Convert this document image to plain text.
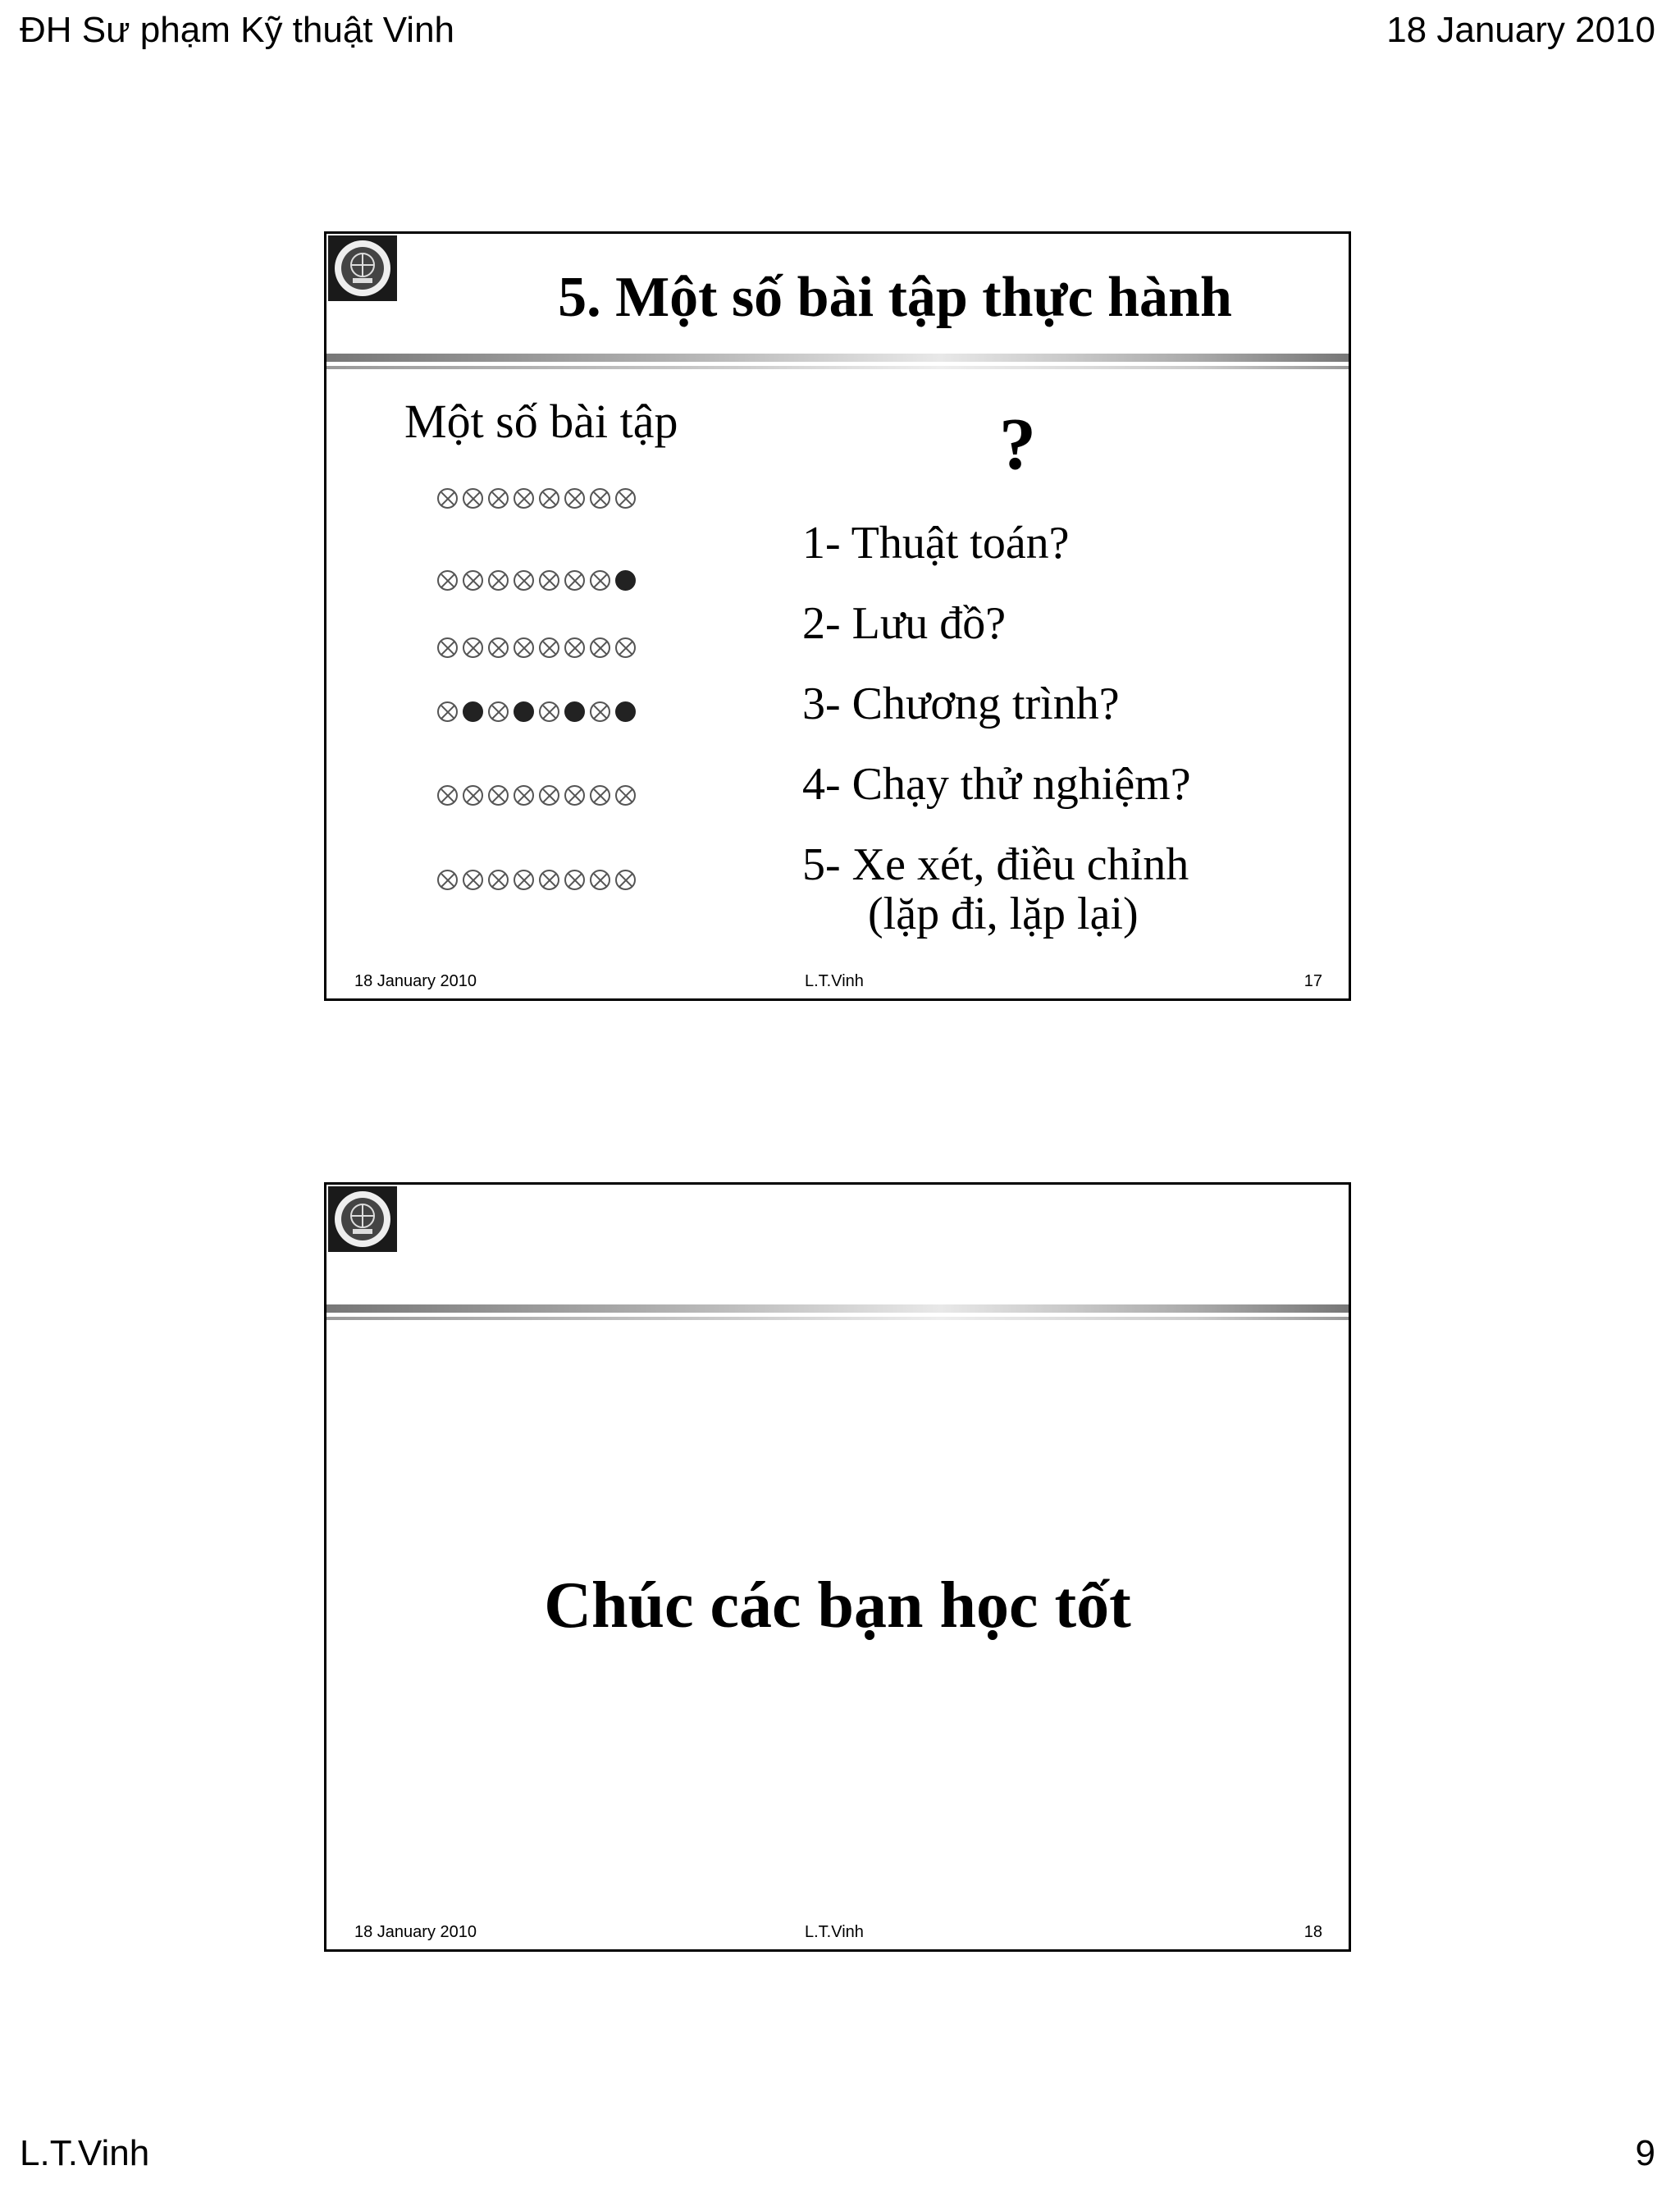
ĐH Sư phạm Kỹ thuật Vinh	18 January 2010
5. Một số bài tập thực hành
Một số bài tập	?
1- Thuật toán?
2- Lưu đồ?
3- Chương trình?
4- Chạy thử nghiệm?
5- Xe xét, điều chỉnh
(lặp đi, lặp lại)
18 January 2010	L.T.Vinh	17
Chúc các bạn học tốt
18 January 2010	L.T.Vinh	18
L.T.Vinh	9
